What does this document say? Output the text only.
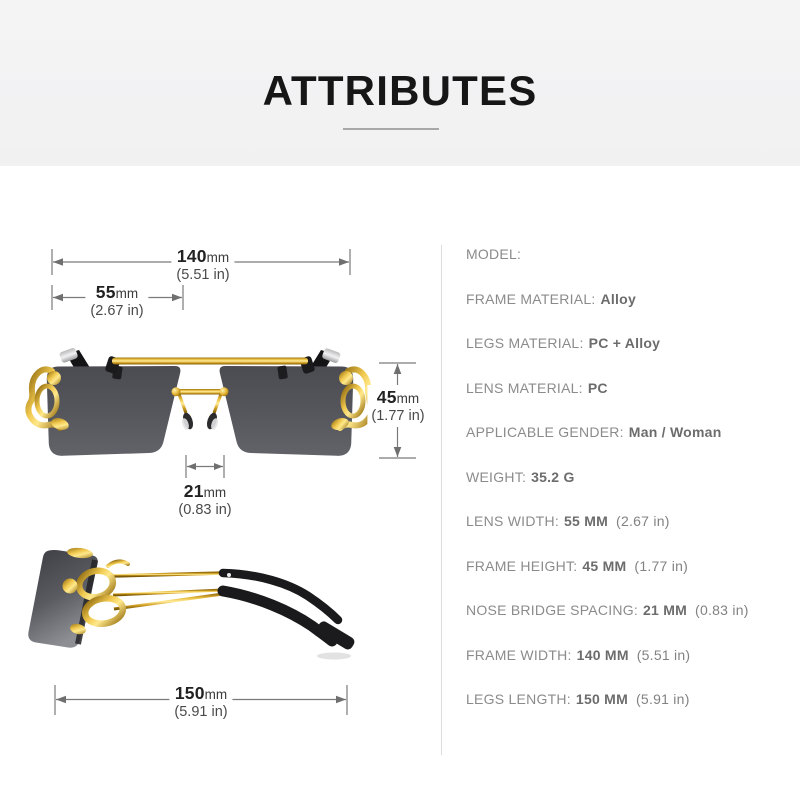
ATTRIBUTES
140mm
(5.51 in)
55mm
(2.67 in)
45mm
(1.77 in)
21mm
(0.83 in)
150mm
(5.91 in)
MODEL:
FRAME MATERIAL: Alloy
LEGS MATERIAL: PC + Alloy
LENS MATERIAL: PC
APPLICABLE GENDER: Man / Woman
WEIGHT: 35.2 G
LENS WIDTH: 55 MM (2.67 in)
FRAME HEIGHT: 45 MM (1.77 in)
NOSE BRIDGE SPACING: 21 MM (0.83 in)
FRAME WIDTH: 140 MM (5.51 in)
LEGS LENGTH: 150 MM (5.91 in)
